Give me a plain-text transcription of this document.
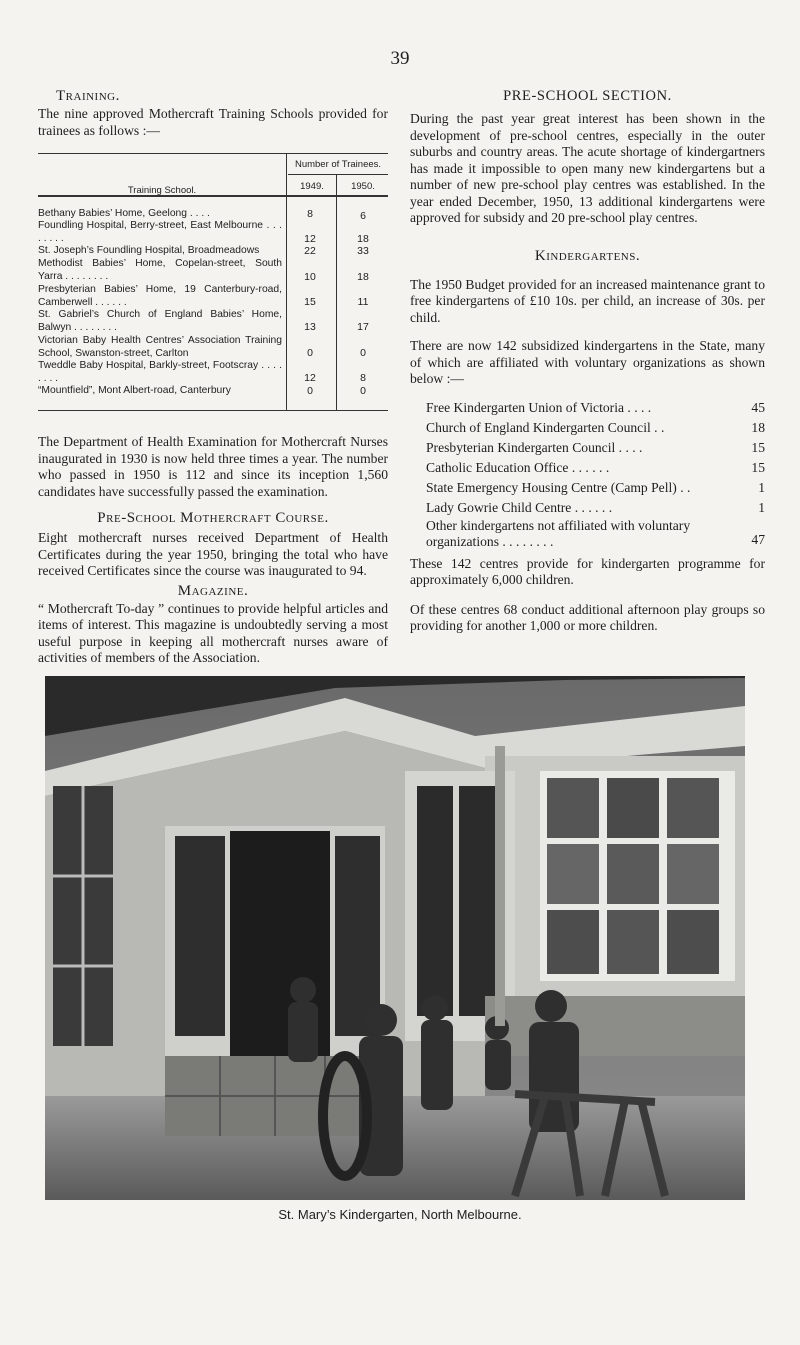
39
Training.

The nine approved Mothercraft Training Schools provided for trainees as follows :—

Training School.
Number of Trainees.
1949.	1950.
Bethany Babies’ Home, Geelong . . . .	8	6
Foundling Hospital, Berry-street, East Melbourne . . . . . . . .	12	18
St. Joseph’s Foundling Hospital, Broadmeadows	22	33
Methodist Babies’ Home, Copelan-street, South Yarra . . . . . . . .	10	18
Presbyterian Babies’ Home, 19 Canterbury-road, Camberwell . . . . . .	15	11
St. Gabriel’s Church of England Babies’ Home, Balwyn . . . . . . . .	13	17
Victorian Baby Health Centres’ Association Training School, Swanston-street, Carlton	0	0
Tweddle Baby Hospital, Barkly-street, Footscray . . . . . . . .	12	8
“Mountfield”, Mont Albert-road, Canterbury	0	0

The Department of Health Examination for Mothercraft Nurses inaugurated in 1930 is now held three times a year. The number who passed in 1950 is 112 and since its inception 1,560 candidates have successfully passed the examination.

Pre-School Mothercraft Course.

Eight mothercraft nurses received Department of Health Certificates during the year 1950, bringing the total who have received Certificates since the course was inaugurated to 94.

Magazine.

“ Mothercraft To-day ” continues to provide helpful articles and items of interest. This magazine is undoubtedly serving a most useful purpose in keeping all mothercraft nurses aware of activities of members of the Association.

PRE-SCHOOL SECTION.

During the past year great interest has been shown in the development of pre-school centres, especially in the outer suburbs and country areas. The acute shortage of kindergartners has made it impossible to open many new kindergartens but a number of new pre-school play centres was established. In the year ended December, 1950, 13 additional kindergartens were approved for subsidy and 20 pre-school play centres.

Kindergartens.

The 1950 Budget provided for an increased maintenance grant to free kindergartens of £10 10s. per child, an increase of 30s. per child.

There are now 142 subsidized kindergartens in the State, many of which are affiliated with voluntary organizations as shown below :—

Free Kindergarten Union of Victoria . . . .	45
Church of England Kindergarten Council . .	18
Presbyterian Kindergarten Council . . . .	15
Catholic Education Office . . . . . .	15
State Emergency Housing Centre (Camp Pell) . .	1
Lady Gowrie Child Centre . . . . . .	1
Other kindergartens not affiliated with voluntary organizations . . . . . . . .	47

These 142 centres provide for kindergarten programme for approximately 6,000 children.

Of these centres 68 conduct additional afternoon play groups so providing for another 1,000 or more children.

St. Mary’s Kindergarten, North Melbourne.
